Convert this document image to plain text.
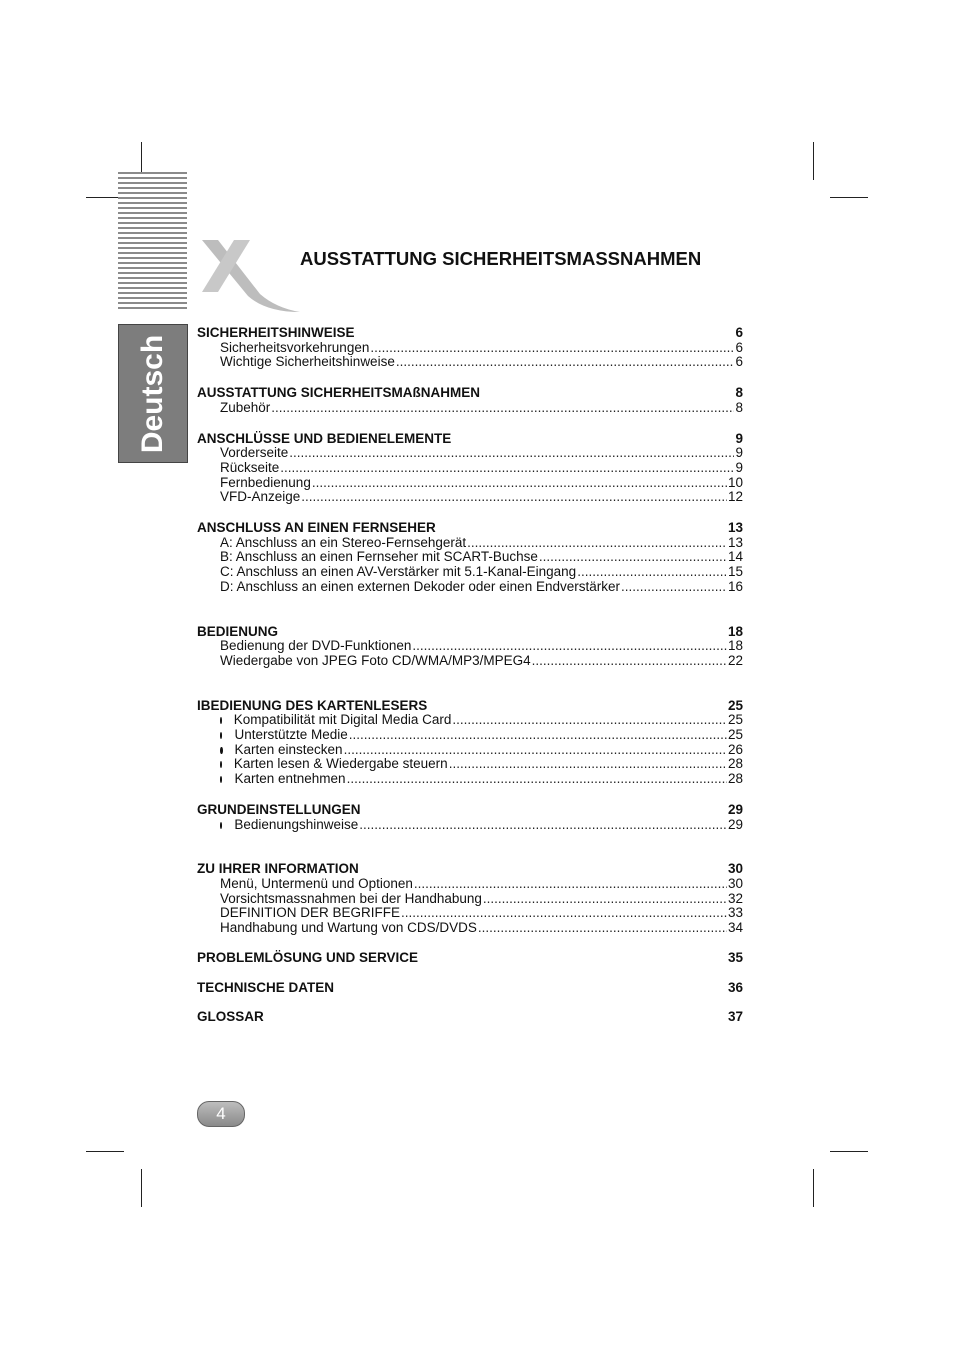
Deutsch
AUSSTATTUNG SICHERHEITSMASSNAHMEN
SICHERHEITSHINWEISE	6
Sicherheitsvorkehrungen .....	6
Wichtige Sicherheitshinweise .....	6
AUSSTATTUNG SICHERHEITSMAßNAHMEN	8
Zubehör .....	8
ANSCHLÜSSE UND BEDIENELEMENTE	9
Vorderseite .....	9
Rückseite .....	9
Fernbedienung .....	10
VFD-Anzeige .....	12
ANSCHLUSS AN EINEN FERNSEHER	13
A: Anschluss an ein Stereo-Fernsehgerät .....	13
B: Anschluss an einen Fernseher mit SCART-Buchse .....	14
C: Anschluss an einen AV-Verstärker mit 5.1-Kanal-Eingang .....	15
D: Anschluss an einen externen Dekoder oder einen Endverstärker .....	16
BEDIENUNG	18
Bedienung der DVD-Funktionen .....	18
Wiedergabe von JPEG Foto CD/WMA/MP3/MPEG4 .....	22
IBEDIENUNG DES KARTENLESERS	25
Kompatibilität mit Digital Media Card .....	25
Unterstützte Medie .....	25
Karten einstecken .....	26
Karten lesen & Wiedergabe steuern .....	28
Karten entnehmen .....	28
GRUNDEINSTELLUNGEN	29
Bedienungshinweise .....	29
ZU IHRER INFORMATION	30
Menü, Untermenü und Optionen .....	30
Vorsichtsmassnahmen bei der Handhabung .....	32
DEFINITION DER BEGRIFFE .....	33
Handhabung und Wartung von CDS/DVDS .....	34
PROBLEMLÖSUNG UND SERVICE	35
TECHNISCHE DATEN	36
GLOSSAR	37
4
